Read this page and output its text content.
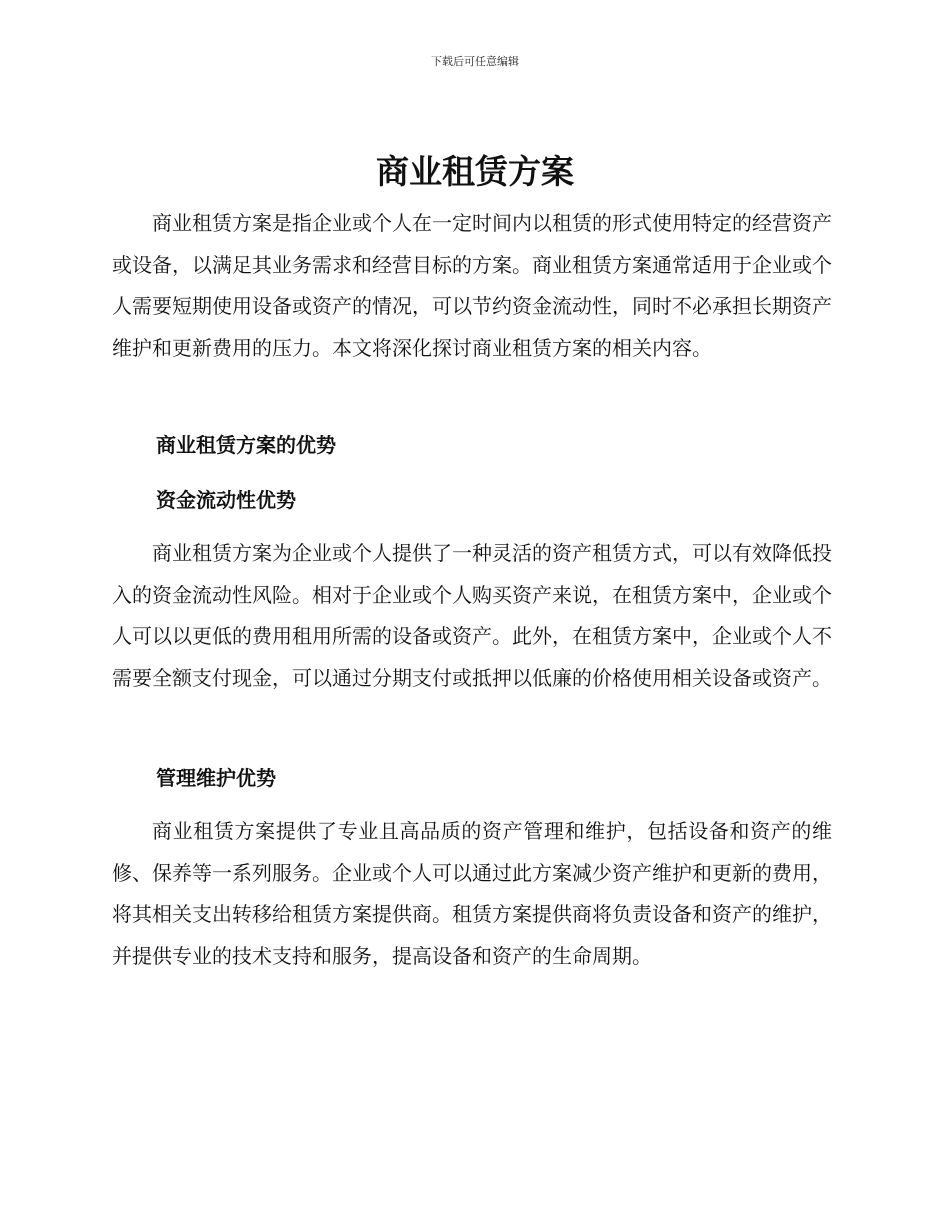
下载后可任意编辑
商业租赁方案

商业租赁方案是指企业或个人在一定时间内以租赁的形式使用特定的经营资产或设备，以满足其业务需求和经营目标的方案。商业租赁方案通常适用于企业或个人需要短期使用设备或资产的情况，可以节约资金流动性，同时不必承担长期资产维护和更新费用的压力。本文将深化探讨商业租赁方案的相关内容。

商业租赁方案的优势
资金流动性优势

商业租赁方案为企业或个人提供了一种灵活的资产租赁方式，可以有效降低投入的资金流动性风险。相对于企业或个人购买资产来说，在租赁方案中，企业或个人可以以更低的费用租用所需的设备或资产。此外，在租赁方案中，企业或个人不需要全额支付现金，可以通过分期支付或抵押以低廉的价格使用相关设备或资产。

管理维护优势

商业租赁方案提供了专业且高品质的资产管理和维护，包括设备和资产的维修、保养等一系列服务。企业或个人可以通过此方案减少资产维护和更新的费用，将其相关支出转移给租赁方案提供商。租赁方案提供商将负责设备和资产的维护，并提供专业的技术支持和服务，提高设备和资产的生命周期。
